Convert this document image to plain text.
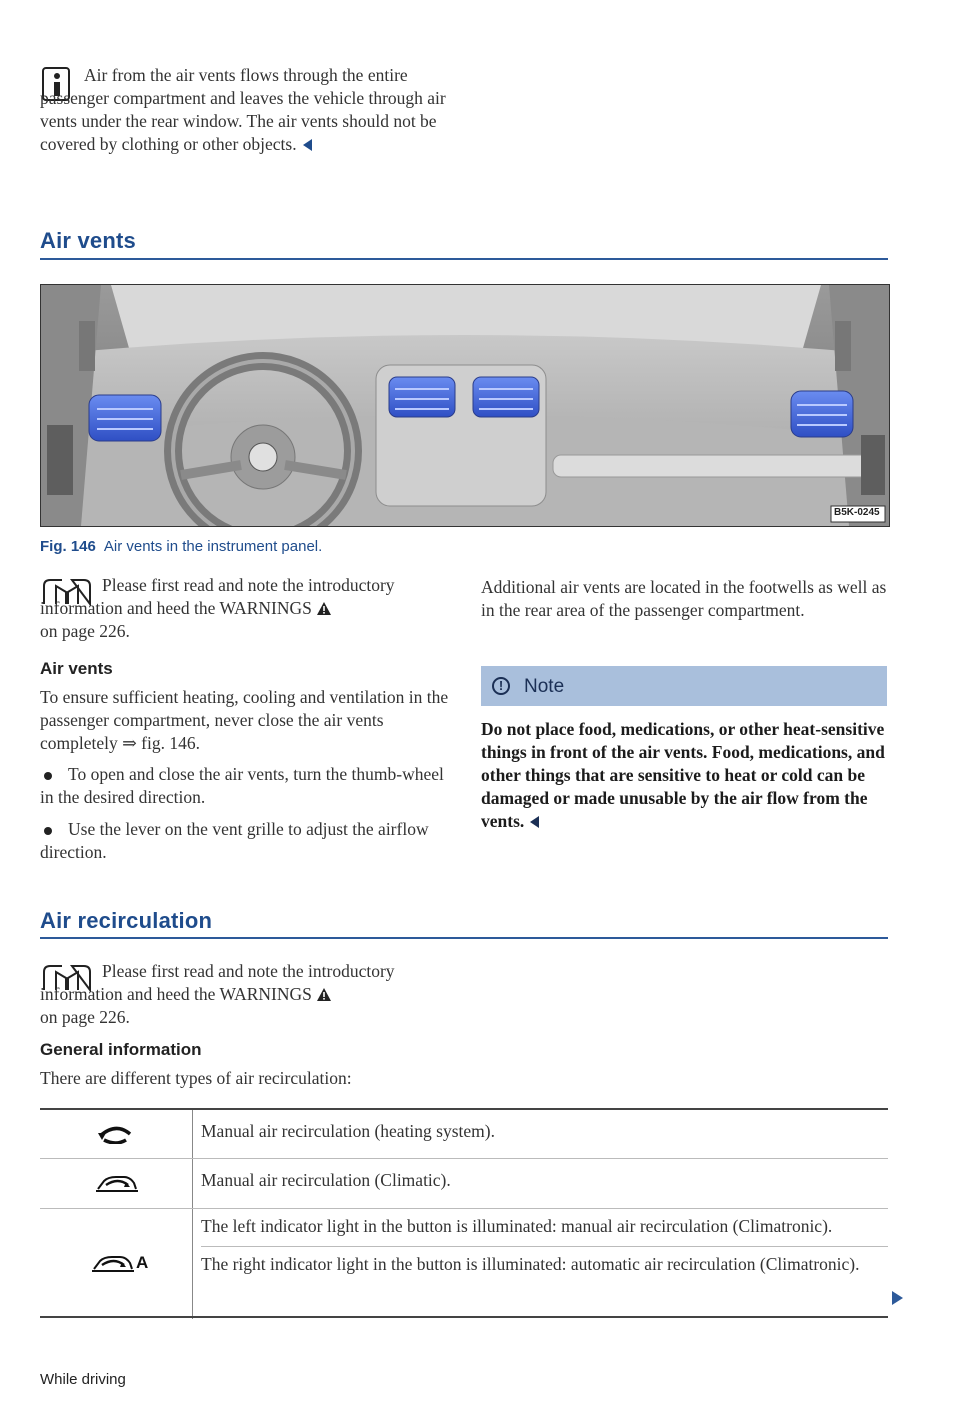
Air from the air vents flows through the entire passenger compartment and leaves the vehicle through air vents under the rear window. The air vents should not be covered by clothing or other objects.

Air vents
B5K-0245
Fig. 146 Air vents in the instrument panel.

Please first read and note the introductory information and heed the WARNINGS
on page 226.

Air vents

To ensure sufficient heating, cooling and ventilation in the passenger compartment, never close the air vents completely ⇒ fig. 146.

To open and close the air vents, turn the thumb-wheel in the desired direction.

Use the lever on the vent grille to adjust the airflow direction.

Additional air vents are located in the footwells as well as in the rear area of the passenger compartment.

!	Note

Do not place food, medications, or other heat-sensitive things in front of the air vents. Food, medications, and other things that are sensitive to heat or cold can be damaged or made unusable by the air flow from the vents.

Air recirculation

Please first read and note the introductory information and heed the WARNINGS
on page 226.

General information

There are different types of air recirculation:

Manual air recirculation (heating system).
Manual air recirculation (Climatic).
A
The left indicator light in the button is illuminated: manual air recirculation (Climatronic).
The right indicator light in the button is illuminated: automatic air recirculation (Climatronic).
While driving
